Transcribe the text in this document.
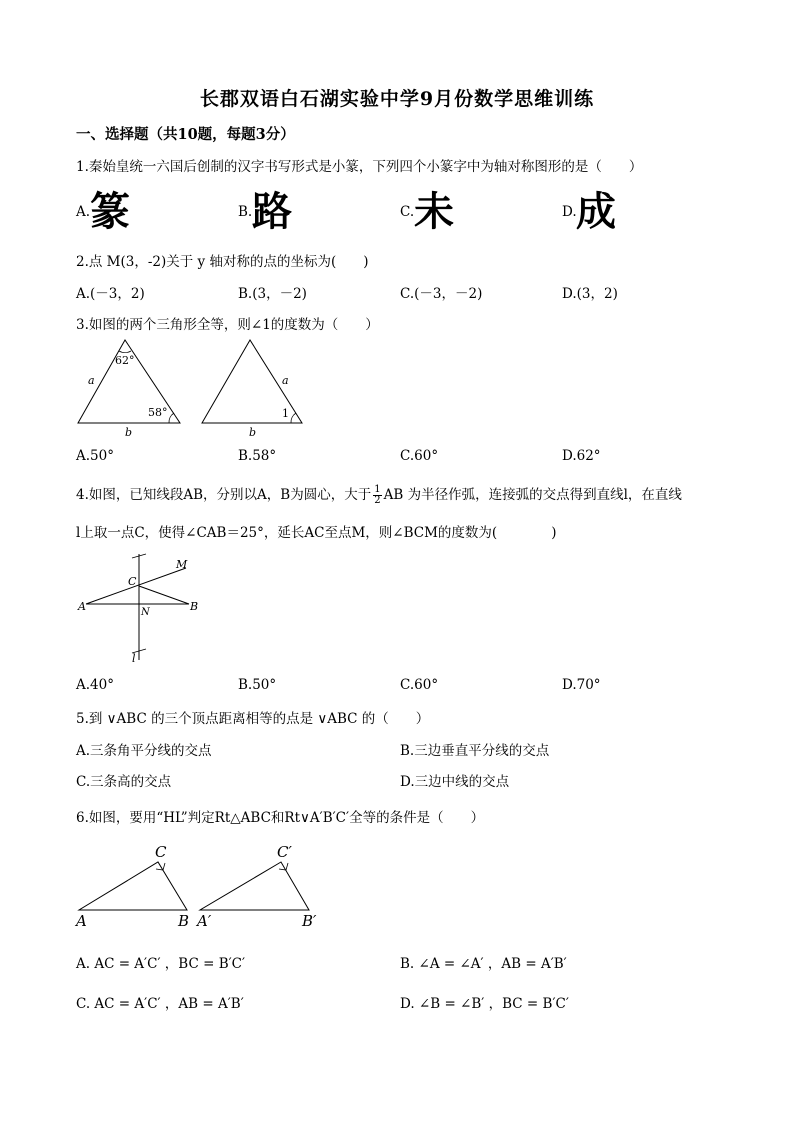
长郡双语白石湖实验中学9月份数学思维训练
一、选择题（共10题，每题3分）
1.秦始皇统一六国后创制的汉字书写形式是小篆，下列四个小篆字中为轴对称图形的是（　　）
A. 篆	B. 路	C. 未	D. 成
2.点 M(3，-2)关于 y 轴对称的点的坐标为(　　)
A.(－3，2)	B.(3，－2)	C.(－3，－2)	D.(3，2)
3.如图的两个三角形全等，则∠1的度数为（　　）
62°
58°
a
b
1
a
b
A.50°	B.58°	C.60°	D.62°
4.如图，已知线段AB，分别以A，B为圆心，大于 $\frac{1}{2}$ AB 为半径作弧，连接弧的交点得到直线l，在直线
l上取一点C，使得∠CAB＝25°，延长AC至点M，则∠BCM的度数为(　　　　)
C
M
A	N	B
l
A.40°	B.50°	C.60°	D.70°
5.到 ∨ABC 的三个顶点距离相等的点是 ∨ABC 的（　　）
A.三条角平分线的交点	B.三边垂直平分线的交点
C.三条高的交点	D.三边中线的交点
6.如图，要用“HL”判定Rt△ABC和Rt∨A′B′C′全等的条件是（　　）
C
A	B
C′
A′	B′
A. AC = A′C′ ，BC = B′C′	B. ∠A = ∠A′ ，AB = A′B′
C. AC = A′C′ ，AB = A′B′	D. ∠B = ∠B′ ，BC = B′C′
